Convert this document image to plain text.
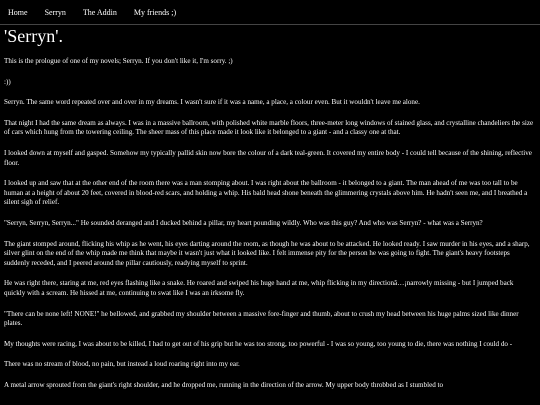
Home	Serryn	The Addin	My friends ;)
'Serryn'.

This is the prologue of one of my novels; Serryn. If you don't like it, I'm sorry. ;)

:))

Serryn. The same word repeated over and over in my dreams. I wasn't sure if it was a name, a place, a colour even. But it wouldn't leave me alone.

That night I had the same dream as always. I was in a massive ballroom, with polished white marble floors, three-meter long windows of stained glass, and crystalline chandeliers the size of cars which hung from the towering ceiling. The sheer mass of this place made it look like it belonged to a giant - and a classy one at that.

I looked down at myself and gasped. Somehow my typically pallid skin now bore the colour of a dark teal-green. It covered my entire body - I could tell because of the shining, reflective floor.

I looked up and saw that at the other end of the room there was a man stomping about. I was right about the ballroom - it belonged to a giant. The man ahead of me was too tall to be human at a height of about 20 feet, covered in blood-red scars, and holding a whip. His bald head shone beneath the glimmering crystals above him. He hadn't seen me, and I breathed a silent sigh of relief.

"Serryn, Serryn, Serryn..." He sounded deranged and I ducked behind a pillar, my heart pounding wildly. Who was this guy? And who was Serryn? - what was a Serryn?

The giant stomped around, flicking his whip as he went, his eyes darting around the room, as though he was about to be attacked. He looked ready. I saw murder in his eyes, and a sharp, silver glint on the end of the whip made me think that maybe it wasn't just what it looked like. I felt immense pity for the person he was going to fight. The giant's heavy footsteps suddenly receded, and I peered around the pillar cautiously, readying myself to sprint.

He was right there, staring at me, red eyes flashing like a snake. He roared and swiped his huge hand at me, whip flicking in my directionâ…¡narrowly missing - but I jumped back quickly with a scream. He hissed at me, continuing to swat like I was an irksome fly.

"There can be none left! NONE!" he bellowed, and grabbed my shoulder between a massive fore-finger and thumb, about to crush my head between his huge palms sized like dinner plates.

My thoughts were racing, I was about to be killed, I had to get out of his grip but he was too strong, too powerful - I was so young, too young to die, there was nothing I could do -

There was no stream of blood, no pain, but instead a loud roaring right into my ear.

A metal arrow sprouted from the giant's right shoulder, and he dropped me, running in the direction of the arrow. My upper body throbbed as I stumbled to
